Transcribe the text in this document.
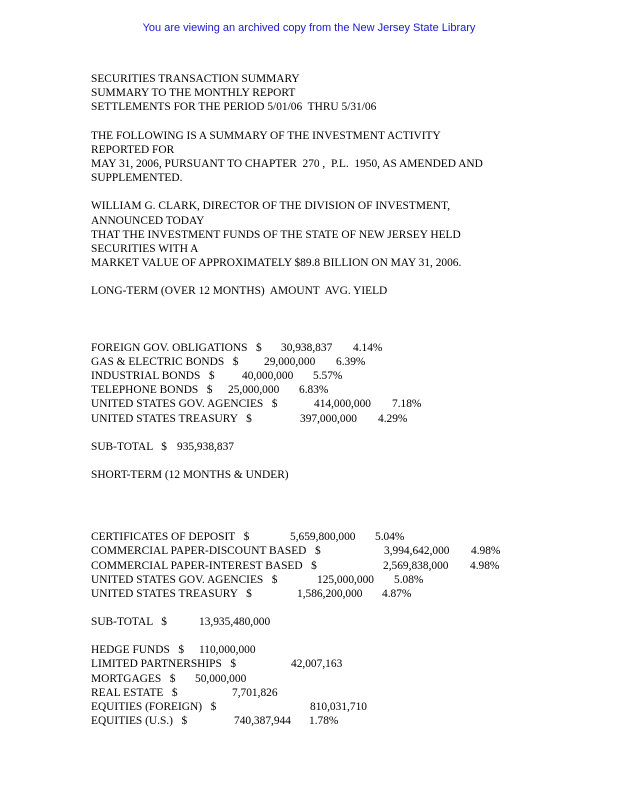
You are viewing an archived copy from the New Jersey State Library
SECURITIES TRANSACTION SUMMARY
SUMMARY TO THE MONTHLY REPORT
SETTLEMENTS FOR THE PERIOD 5/01/06  THRU 5/31/06
THE FOLLOWING IS A SUMMARY OF THE INVESTMENT ACTIVITY
REPORTED FOR
MAY 31, 2006, PURSUANT TO CHAPTER  270 ,  P.L.  1950, AS AMENDED AND
SUPPLEMENTED.
WILLIAM G. CLARK, DIRECTOR OF THE DIVISION OF INVESTMENT,
ANNOUNCED TODAY
THAT THE INVESTMENT FUNDS OF THE STATE OF NEW JERSEY HELD
SECURITIES WITH A
MARKET VALUE OF APPROXIMATELY $89.8 BILLION ON MAY 31, 2006.
LONG-TERM (OVER 12 MONTHS)  AMOUNT  AVG. YIELD
FOREIGN GOV. OBLIGATIONS   $ 30,938,837 4.14%
GAS & ELECTRIC BONDS   $ 29,000,000 6.39%
INDUSTRIAL BONDS   $ 40,000,000 5.57%
TELEPHONE BONDS   $ 25,000,000 6.83%
UNITED STATES GOV. AGENCIES   $	414,000,000 7.18%
UNITED STATES TREASURY   $	397,000,000 4.29%
SUB-TOTAL   $ 935,938,837
SHORT-TERM (12 MONTHS & UNDER)
CERTIFICATES OF DEPOSIT   $	5,659,800,000 5.04%
COMMERCIAL PAPER-DISCOUNT BASED   $	3,994,642,000 4.98%
COMMERCIAL PAPER-INTEREST BASED   $	2,569,838,000 4.98%
UNITED STATES GOV. AGENCIES   $	125,000,000 5.08%
UNITED STATES TREASURY   $	1,586,200,000 4.87%
SUB-TOTAL   $	13,935,480,000
HEDGE FUNDS   $ 110,000,000
LIMITED PARTNERSHIPS   $	42,007,163
MORTGAGES   $ 50,000,000
REAL ESTATE   $	7,701,826
EQUITIES (FOREIGN)   $	810,031,710
EQUITIES (U.S.)   $	740,387,944 1.78%
